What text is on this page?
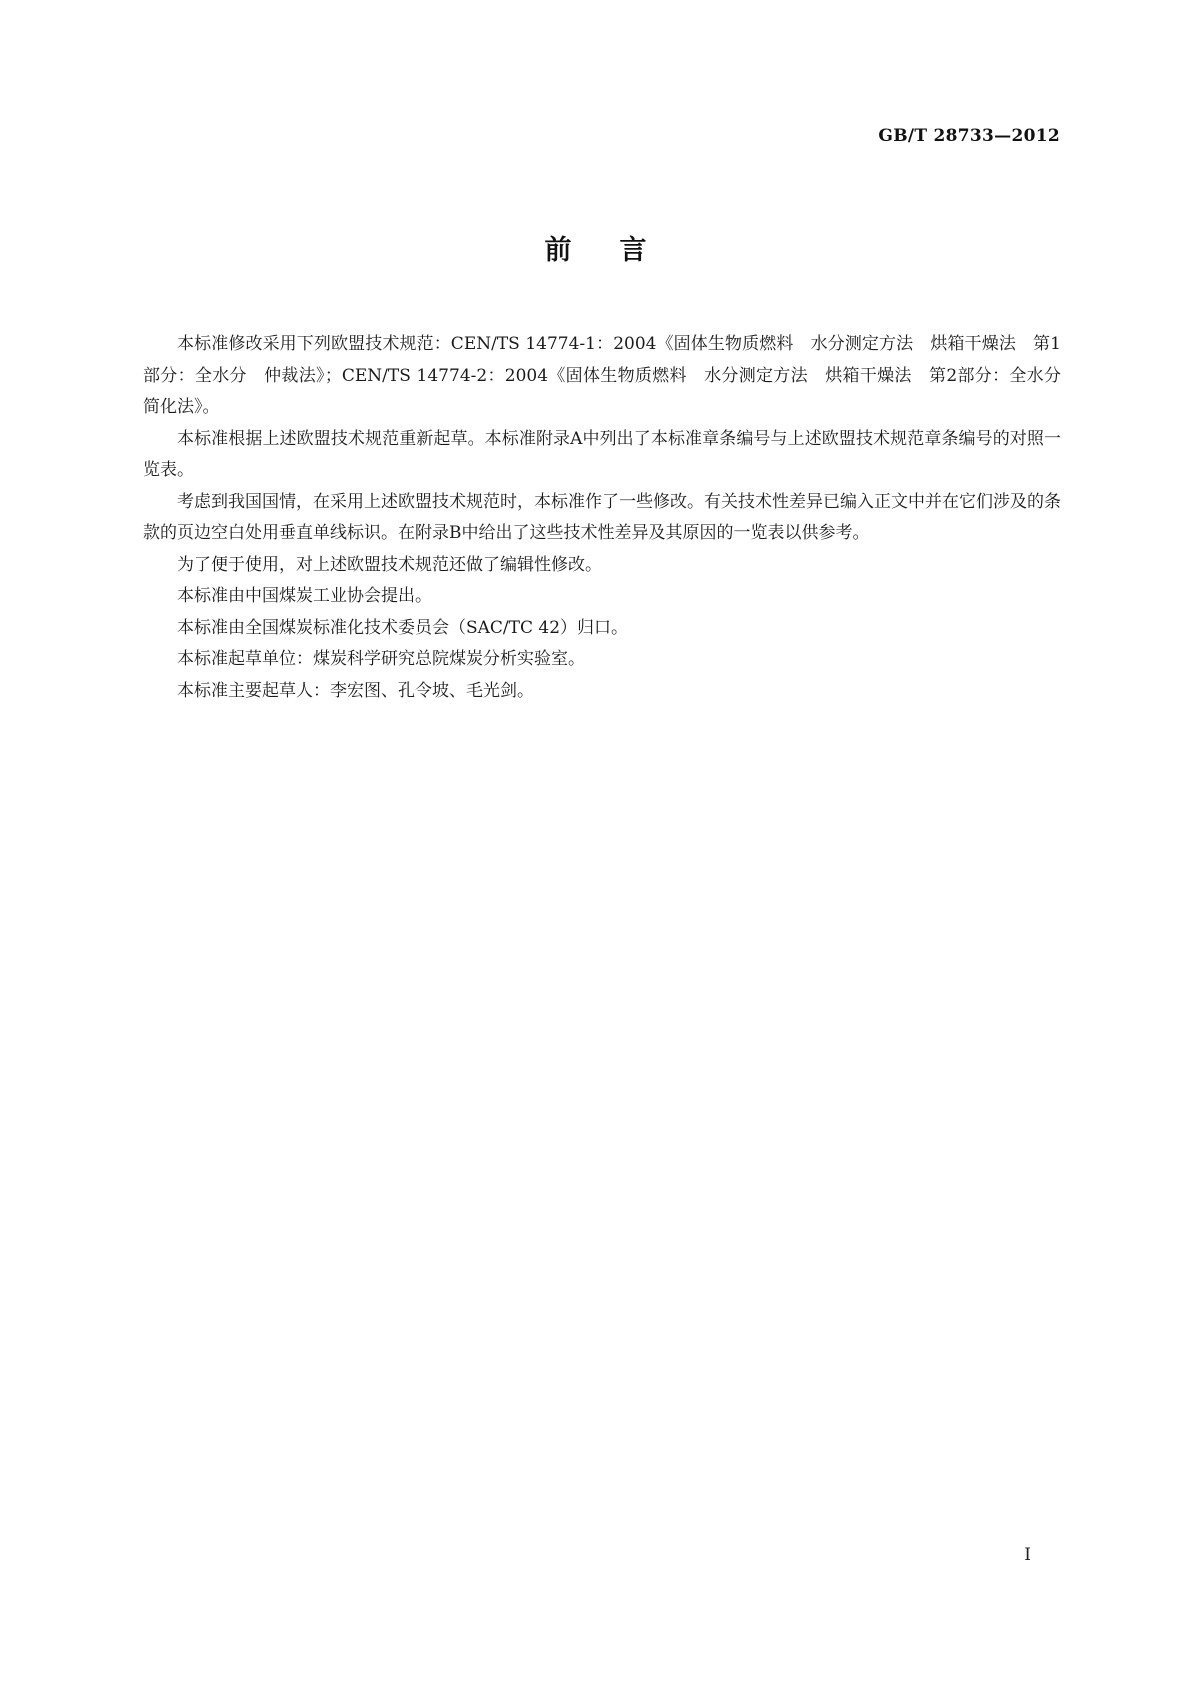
GB/T 28733—2012
前言

本标准修改采用下列欧盟技术规范：CEN/TS 14774-1：2004《固体生物质燃料　水分测定方法　烘箱干燥法　第1部分：全水分　仲裁法》；CEN/TS 14774-2：2004《固体生物质燃料　水分测定方法　烘箱干燥法　第2部分：全水分　简化法》。

本标准根据上述欧盟技术规范重新起草。本标准附录A中列出了本标准章条编号与上述欧盟技术规范章条编号的对照一览表。

考虑到我国国情，在采用上述欧盟技术规范时，本标准作了一些修改。有关技术性差异已编入正文中并在它们涉及的条款的页边空白处用垂直单线标识。在附录B中给出了这些技术性差异及其原因的一览表以供参考。

为了便于使用，对上述欧盟技术规范还做了编辑性修改。

本标准由中国煤炭工业协会提出。

本标准由全国煤炭标准化技术委员会（SAC/TC 42）归口。

本标准起草单位：煤炭科学研究总院煤炭分析实验室。

本标准主要起草人：李宏图、孔令坡、毛光剑。

I
